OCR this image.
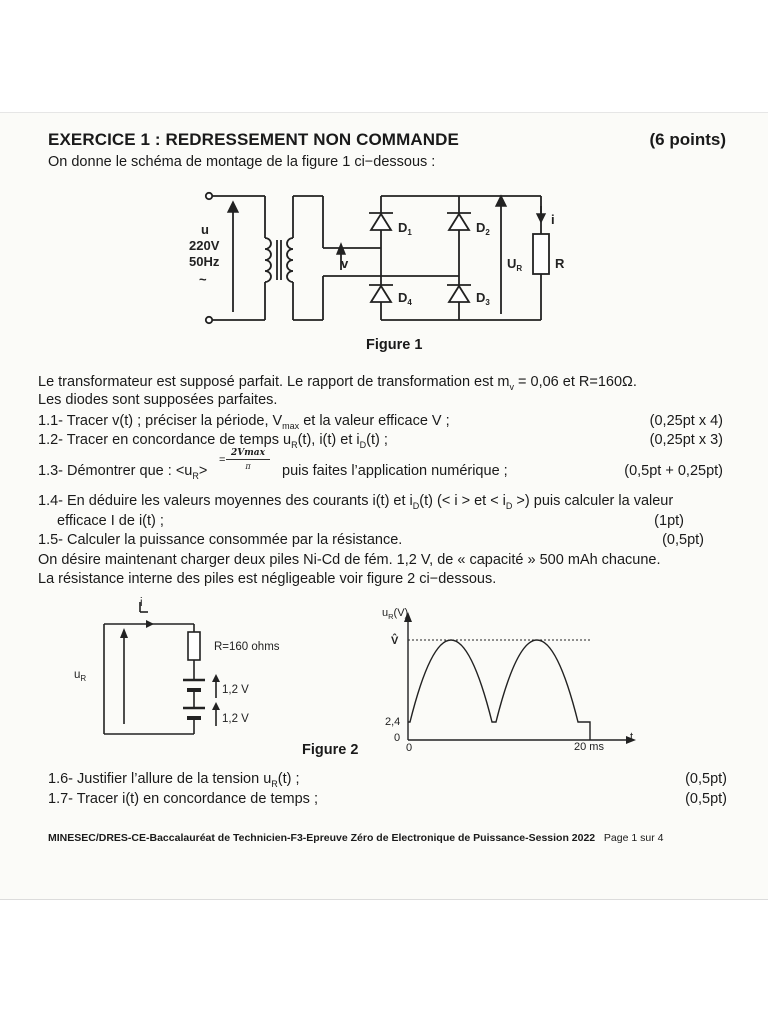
EXERCICE 1 : REDRESSEMENT NON COMMANDE	(6 points)
On donne le schéma de montage de la figure 1 ci−dessous :
u
220V
50Hz
~
v
$D_1$	$D_2$
$D_3$
$D_4$
$U_R$
i
R
Figure 1
Le transformateur est supposé parfait. Le rapport de transformation est $m_v = 0,06$ et R=160Ω.
Les diodes sont supposées parfaites.
1.1- Tracer v(t) ; préciser la période, $V_{max}$ et la valeur efficace V ;	(0,25pt x 4)
1.2- Tracer en concordance de temps $u_R(t)$, i(t) et $i_D(t)$ ;	(0,25pt x 3)
1.3- Démontrer que : $<u_R>$
=
2Vmax
π	puis faites l’application numérique ;	(0,5pt + 0,25pt)
1.4- En déduire les valeurs moyennes des courants i(t) et $i_D(t)$ (< i > et < $i_D$ >) puis calculer la valeur
efficace I de i(t) ;	(1pt)
1.5- Calculer la puissance consommée par la résistance.	(0,5pt)
On désire maintenant charger deux piles Ni-Cd de fém. 1,2 V, de « capacité » 500 mAh chacune.
La résistance interne des piles est négligeable voir figure 2 ci−dessous.
i
$u_R$
R=160 ohms
1,2 V
1,2 V
$u_R(V)$
V̂
2,4
0
0	20 ms
t
Figure 2
1.6- Justifier l’allure de la tension $u_R(t)$ ;	(0,5pt)
1.7- Tracer i(t) en concordance de temps ;	(0,5pt)
MINESEC/DRES-CE-Baccalauréat de Technicien-F3-Epreuve Zéro de Electronique de Puissance-Session 2022 Page 1 sur 4
